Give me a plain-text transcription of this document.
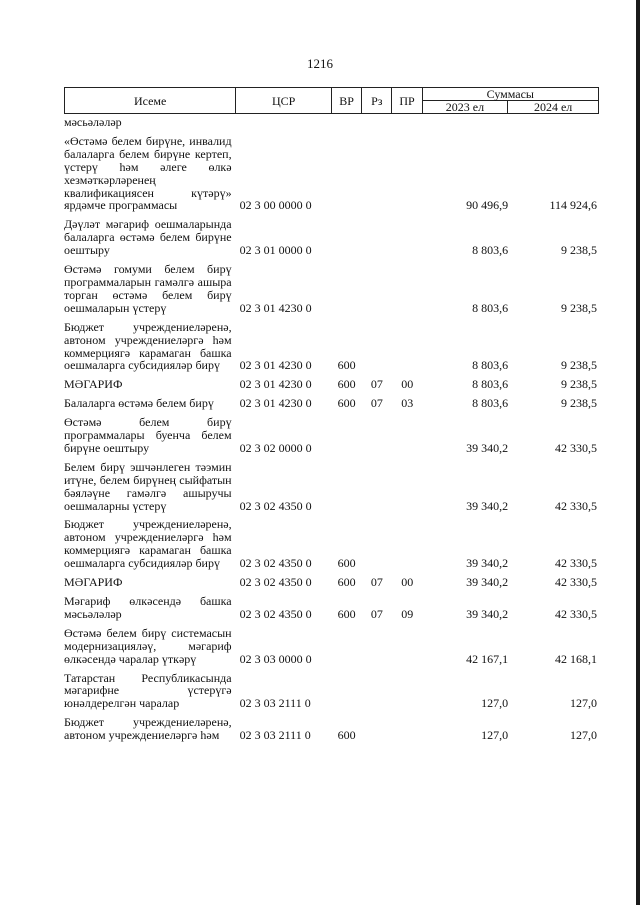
1216
Исеме	ЦСР	ВР	Рз	ПР	Суммасы	
					2023 ел	2024 ел
мәсьәләләр						
«Өстәмә белем бирүне, инвалид балаларга белем бирүне кертеп, үстерү һәм әлеге өлкә хезмәткәрләренең квалификациясен күтәрү» ярдәмче программасы	02 3 00 0000 0				90 496,9	114 924,6
Дәүләт мәгариф оешмаларында балаларга өстәмә белем бирүне оештыру	02 3 01 0000 0				8 803,6	9 238,5
Өстәмә гомуми белем бирү программаларын гамәлгә ашыра торган өстәмә белем бирү оешмаларын үстерү	02 3 01 4230 0				8 803,6	9 238,5
Бюджет учреждениеләренә, автоном учреждениеләргә һәм коммерциягә карамаган башка оешмаларга субсидияләр бирү	02 3 01 4230 0	600			8 803,6	9 238,5
МӘГАРИФ	02 3 01 4230 0	600	07	00	8 803,6	9 238,5
Балаларга өстәмә белем бирү	02 3 01 4230 0	600	07	03	8 803,6	9 238,5
Өстәмә белем бирү программалары буенча белем бирүне оештыру	02 3 02 0000 0				39 340,2	42 330,5
Белем бирү эшчәнлеген тәэмин итүне, белем бирүнең сыйфатын бәяләүне гамәлгә ашыручы оешмаларны үстерү	02 3 02 4350 0				39 340,2	42 330,5
Бюджет учреждениеләренә, автоном учреждениеләргә һәм коммерциягә карамаган башка оешмаларга субсидияләр бирү	02 3 02 4350 0	600			39 340,2	42 330,5
МӘГАРИФ	02 3 02 4350 0	600	07	00	39 340,2	42 330,5
Мәгариф өлкәсендә башка мәсьәләләр	02 3 02 4350 0	600	07	09	39 340,2	42 330,5
Өстәмә белем бирү системасын модернизацияләү, мәгариф өлкәсендә чаралар үткәрү	02 3 03 0000 0				42 167,1	42 168,1
Татарстан Республикасында мәгарифне үстерүгә юнәлдерелгән чаралар	02 3 03 2111 0				127,0	127,0
Бюджет учреждениеләренә, автоном учреждениеләргә һәм	02 3 03 2111 0	600			127,0	127,0
